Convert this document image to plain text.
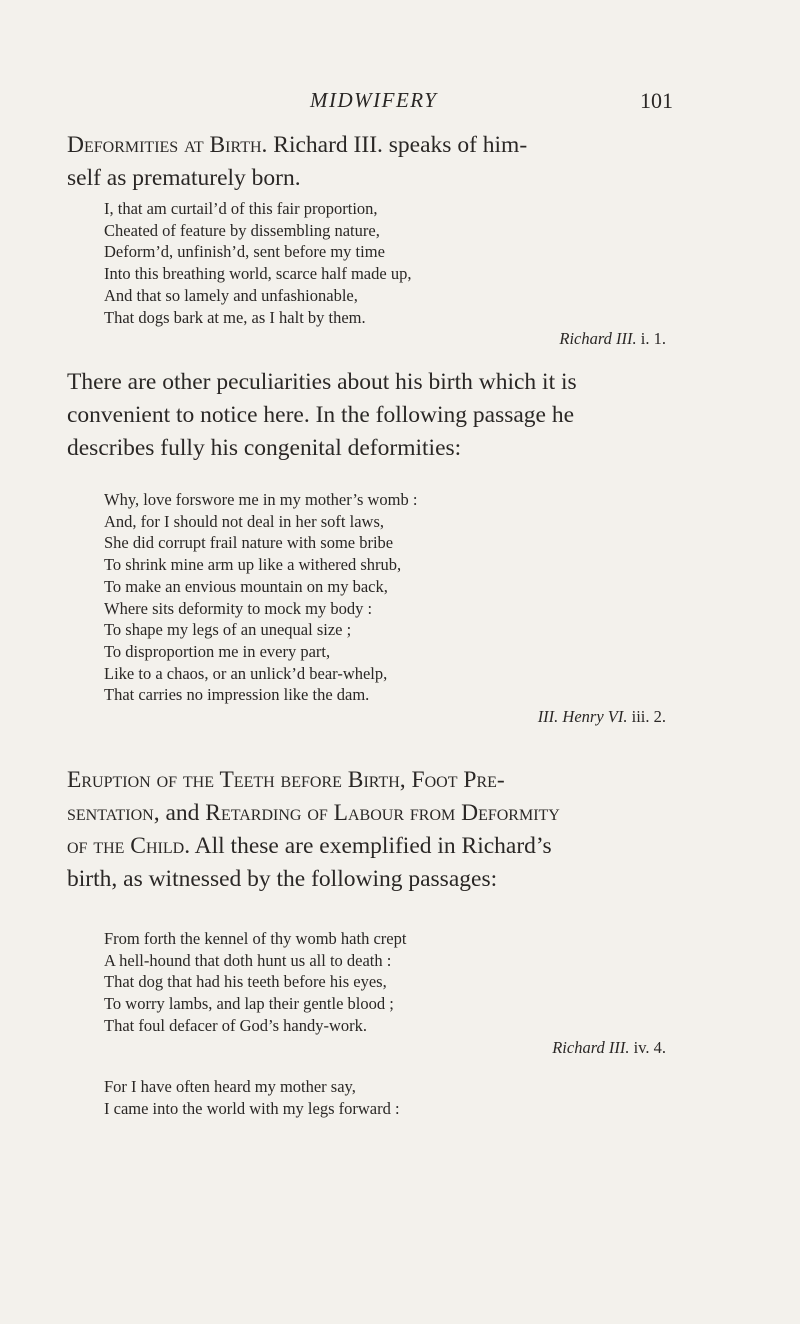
MIDWIFERY	101

Deformities at Birth. Richard III. speaks of him-
self as prematurely born.

I, that am curtail’d of this fair proportion,
Cheated of feature by dissembling nature,
Deform’d, unfinish’d, sent before my time
Into this breathing world, scarce half made up,
And that so lamely and unfashionable,
That dogs bark at me, as I halt by them.
Richard III. i. 1.

There are other peculiarities about his birth which it is
convenient to notice here. In the following passage he
describes fully his congenital deformities:

Why, love forswore me in my mother’s womb :
And, for I should not deal in her soft laws,
She did corrupt frail nature with some bribe
To shrink mine arm up like a withered shrub,
To make an envious mountain on my back,
Where sits deformity to mock my body :
To shape my legs of an unequal size ;
To disproportion me in every part,
Like to a chaos, or an unlick’d bear-whelp,
That carries no impression like the dam.
III. Henry VI. iii. 2.

Eruption of the Teeth before Birth, Foot Pre-
sentation, and Retarding of Labour from Deformity
of the Child. All these are exemplified in Richard’s
birth, as witnessed by the following passages:

From forth the kennel of thy womb hath crept
A hell-hound that doth hunt us all to death :
That dog that had his teeth before his eyes,
To worry lambs, and lap their gentle blood ;
That foul defacer of God’s handy-work.
Richard III. iv. 4.
For I have often heard my mother say,
I came into the world with my legs forward :
